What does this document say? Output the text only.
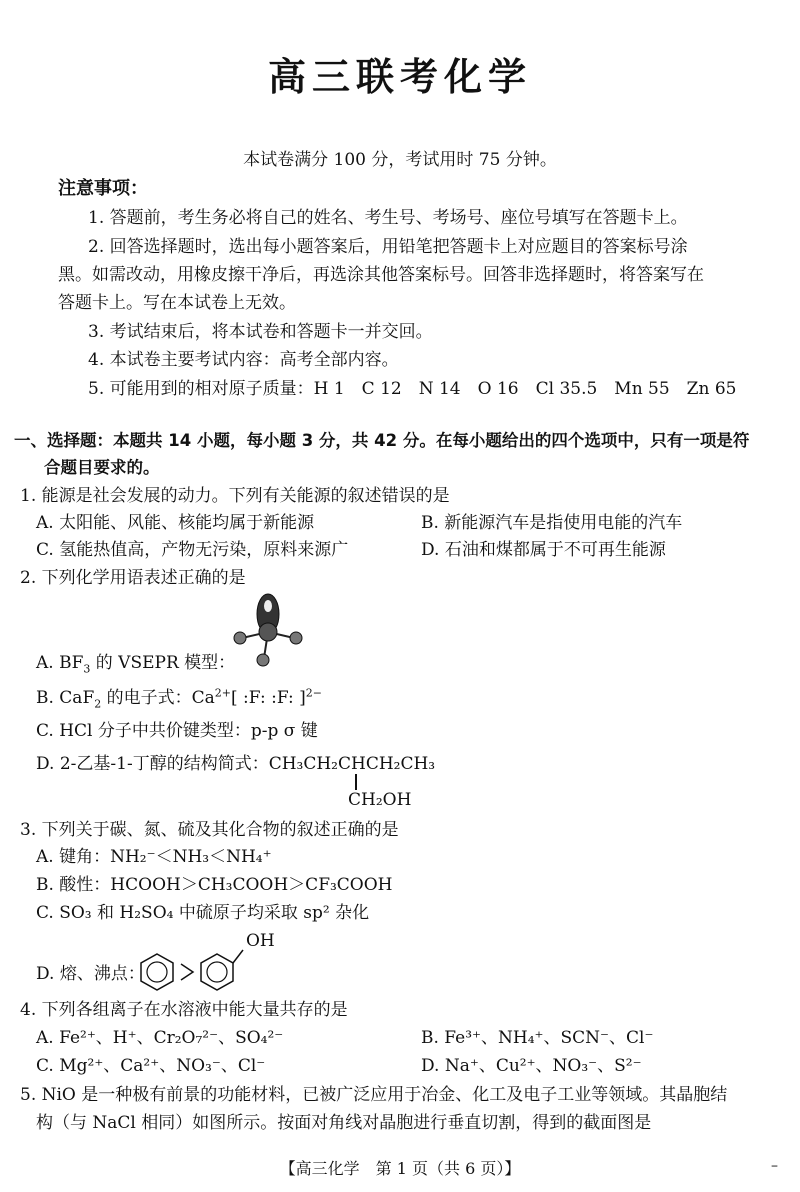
高三联考化学
本试卷满分 100 分，考试用时 75 分钟。
注意事项：
1. 答题前，考生务必将自己的姓名、考生号、考场号、座位号填写在答题卡上。
2. 回答选择题时，选出每小题答案后，用铅笔把答题卡上对应题目的答案标号涂
黑。如需改动，用橡皮擦干净后，再选涂其他答案标号。回答非选择题时，将答案写在
答题卡上。写在本试卷上无效。
3. 考试结束后，将本试卷和答题卡一并交回。
4. 本试卷主要考试内容：高考全部内容。
5. 可能用到的相对原子质量：H 1　C 12　N 14　O 16　Cl 35.5　Mn 55　Zn 65
一、选择题：本题共 14 小题，每小题 3 分，共 42 分。在每小题给出的四个选项中，只有一项是符
合题目要求的。
1. 能源是社会发展的动力。下列有关能源的叙述错误的是
A. 太阳能、风能、核能均属于新能源	B. 新能源汽车是指使用电能的汽车
C. 氢能热值高，产物无污染，原料来源广	D. 石油和煤都属于不可再生能源
2. 下列化学用语表述正确的是
A. $BF_3$ 的 VSEPR 模型：
B. CaF$_2$ 的电子式：$Ca^{2+}$[ :F: :F: ]$^{2-}$
C. HCl 分子中共价键类型：p-p σ 键
D. 2-乙基-1-丁醇的结构简式：CH₃CH₂CHCH₂CH₃
CH₂OH
3. 下列关于碳、氮、硫及其化合物的叙述正确的是
A. 键角：NH₂⁻＜NH₃＜NH₄⁺
B. 酸性：HCOOH＞CH₃COOH＞CF₃COOH
C. SO₃ 和 H₂SO₄ 中硫原子均采取 sp² 杂化
OH
D. 熔、沸点：
4. 下列各组离子在水溶液中能大量共存的是
A. Fe²⁺、H⁺、Cr₂O₇²⁻、SO₄²⁻	B. Fe³⁺、NH₄⁺、SCN⁻、Cl⁻
C. Mg²⁺、Ca²⁺、NO₃⁻、Cl⁻	D. Na⁺、Cu²⁺、NO₃⁻、S²⁻
5. NiO 是一种极有前景的功能材料，已被广泛应用于冶金、化工及电子工业等领域。其晶胞结
构（与 NaCl 相同）如图所示。按面对角线对晶胞进行垂直切割，得到的截面图是
【高三化学　第 1 页（共 6 页）】	–
